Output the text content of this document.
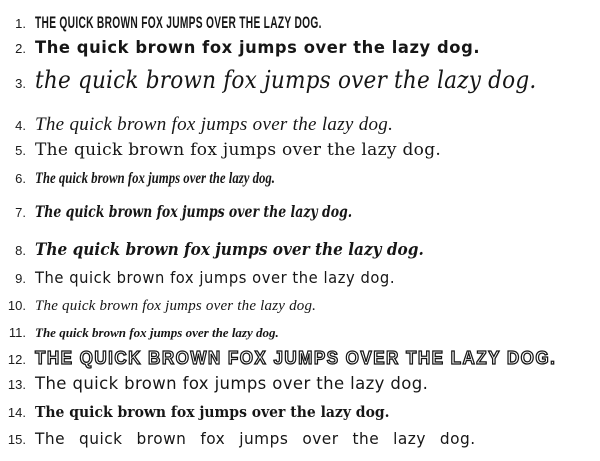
1. THE QUICK BROWN FOX JUMPS OVER THE LAZY DOG.
2. The quick brown fox jumps over the lazy dog.
3. the quick brown fox jumps over the lazy dog.
4. The quick brown fox jumps over the lazy dog.
5. The quick brown fox jumps over the lazy dog.
6. The quick brown fox jumps over the lazy dog.
7. The quick brown fox jumps over the lazy dog.
8. The quick brown fox jumps over the lazy dog.
9. The quick brown fox jumps over the lazy dog.
10. The quick brown fox jumps over the lazy dog.
11. The quick brown fox jumps over the lazy dog.
12. THE QUICK BROWN FOX JUMPS OVER THE LAZY DOG.
13. The quick brown fox jumps over the lazy dog.
14. The quick brown fox jumps over the lazy dog.
15. The quick brown fox jumps over the lazy dog.
